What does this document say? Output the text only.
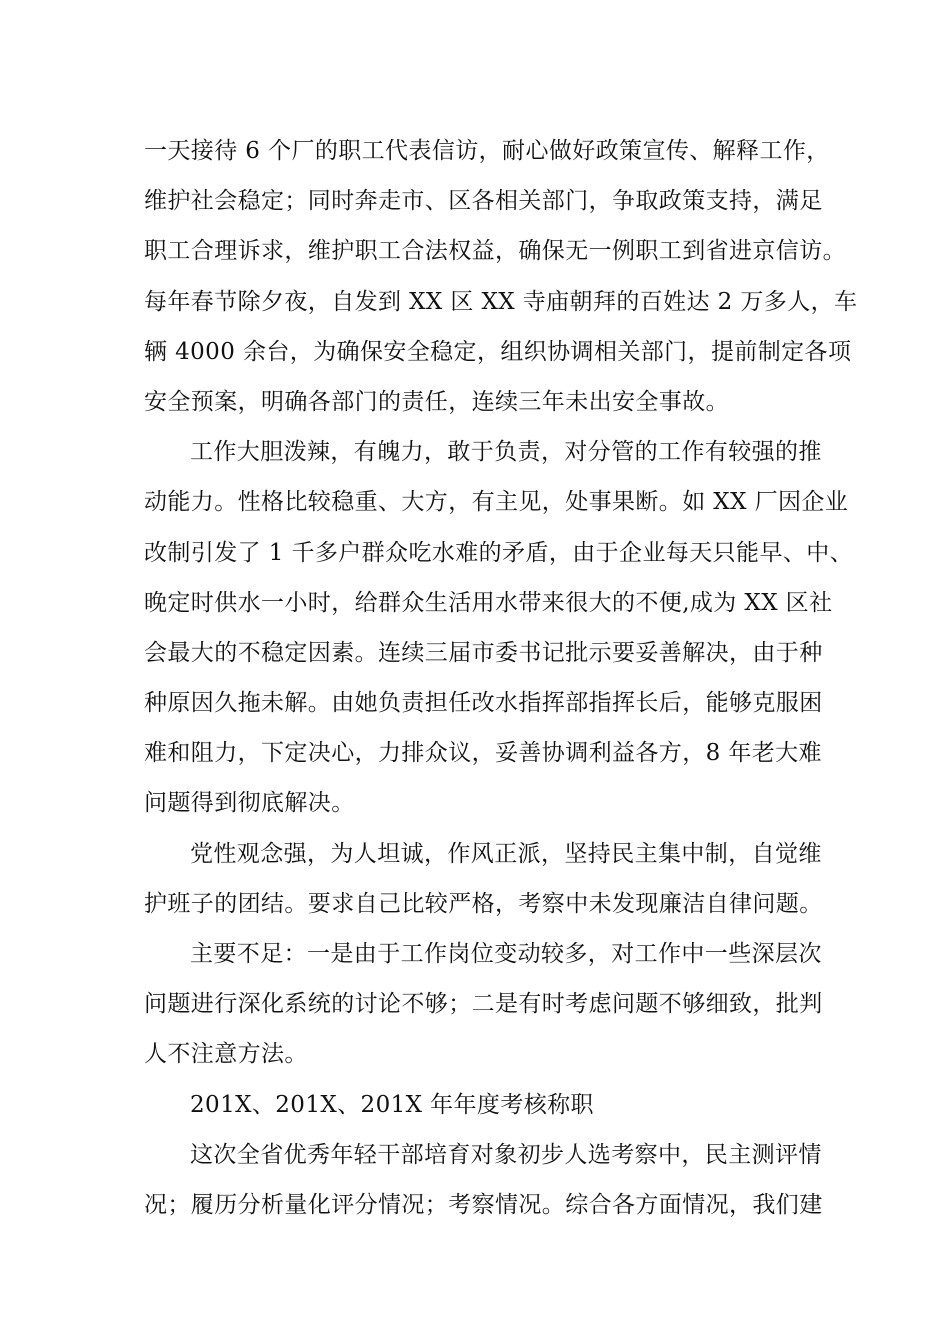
一天接待 6 个厂的职工代表信访，耐心做好政策宣传、解释工作，
维护社会稳定；同时奔走市、区各相关部门，争取政策支持，满足
职工合理诉求，维护职工合法权益，确保无一例职工到省进京信访。
每年春节除夕夜，自发到 XX 区 XX 寺庙朝拜的百姓达 2 万多人，车
辆 4000 余台，为确保安全稳定，组织协调相关部门，提前制定各项
安全预案，明确各部门的责任，连续三年未出安全事故。
工作大胆泼辣，有魄力，敢于负责，对分管的工作有较强的推
动能力。性格比较稳重、大方，有主见，处事果断。如 XX 厂因企业
改制引发了 1 千多户群众吃水难的矛盾，由于企业每天只能早、中、
晚定时供水一小时，给群众生活用水带来很大的不便,成为 XX 区社
会最大的不稳定因素。连续三届市委书记批示要妥善解决，由于种
种原因久拖未解。由她负责担任改水指挥部指挥长后，能够克服困
难和阻力，下定决心，力排众议，妥善协调利益各方，8 年老大难
问题得到彻底解决。
党性观念强，为人坦诚，作风正派，坚持民主集中制，自觉维
护班子的团结。要求自己比较严格，考察中未发现廉洁自律问题。
主要不足：一是由于工作岗位变动较多，对工作中一些深层次
问题进行深化系统的讨论不够；二是有时考虑问题不够细致，批判
人不注意方法。
201X、201X、201X 年年度考核称职
这次全省优秀年轻干部培育对象初步人选考察中，民主测评情
况；履历分析量化评分情况；考察情况。综合各方面情况，我们建
